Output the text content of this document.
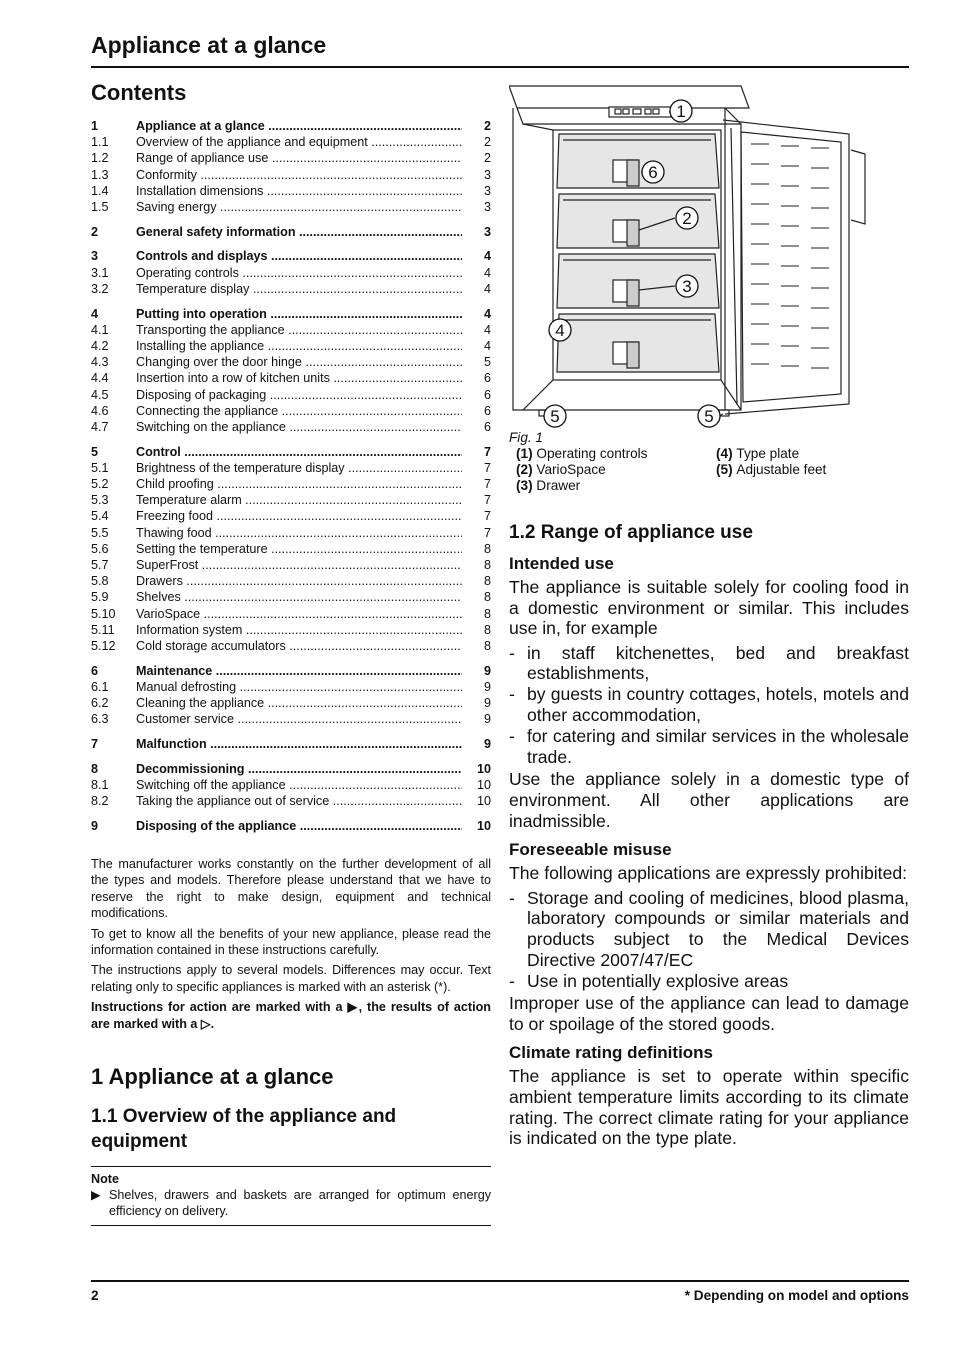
Appliance at a glance
Contents
1	Appliance at a glance .....	2
1.1	Overview of the appliance and equipment .....	2
1.2	Range of appliance use .....	2
1.3	Conformity .....	3
1.4	Installation dimensions .....	3
1.5	Saving energy .....	3
2	General safety information .....	3
3	Controls and displays .....	4
3.1	Operating controls .....	4
3.2	Temperature display .....	4
4	Putting into operation .....	4
4.1	Transporting the appliance .....	4
4.2	Installing the appliance .....	4
4.3	Changing over the door hinge .....	5
4.4	Insertion into a row of kitchen units .....	6
4.5	Disposing of packaging .....	6
4.6	Connecting the appliance .....	6
4.7	Switching on the appliance .....	6
5	Control .....	7
5.1	Brightness of the temperature display .....	7
5.2	Child proofing .....	7
5.3	Temperature alarm .....	7
5.4	Freezing food .....	7
5.5	Thawing food .....	7
5.6	Setting the temperature .....	8
5.7	SuperFrost .....	8
5.8	Drawers .....	8
5.9	Shelves .....	8
5.10	VarioSpace .....	8
5.11	Information system .....	8
5.12	Cold storage accumulators .....	8
6	Maintenance .....	9
6.1	Manual defrosting .....	9
6.2	Cleaning the appliance .....	9
6.3	Customer service .....	9
7	Malfunction .....	9
8	Decommissioning .....	10
8.1	Switching off the appliance .....	10
8.2	Taking the appliance out of service .....	10
9	Disposing of the appliance .....	10

The manufacturer works constantly on the further development of all the types and models. Therefore please understand that we have to reserve the right to make design, equipment and technical modifications.

To get to know all the benefits of your new appliance, please read the information contained in these instructions carefully.

The instructions apply to several models. Differences may occur. Text relating only to specific appliances is marked with an asterisk (*).

Instructions for action are marked with a ▶, the results of action are marked with a ▷.

1 Appliance at a glance
1.1 Overview of the appliance and equipment
Note
▶ Shelves, drawers and baskets are arranged for optimum energy efficiency on delivery.
1
6
2
3
4
5	5
Fig. 1
(1) Operating controls	(4) Type plate
(2) VarioSpace	(5) Adjustable feet
(3) Drawer
1.2 Range of appliance use
Intended use

The appliance is suitable solely for cooling food in a domestic environment or similar. This includes use in, for example

- in staff kitchenettes, bed and breakfast establishments,
- by guests in country cottages, hotels, motels and other accommodation,
- for catering and similar services in the wholesale trade.

Use the appliance solely in a domestic type of environment. All other applications are inadmissible.

Foreseeable misuse

The following applications are expressly prohibited:

- Storage and cooling of medicines, blood plasma, laboratory compounds or similar materials and products subject to the Medical Devices Directive 2007/47/EC
- Use in potentially explosive areas

Improper use of the appliance can lead to damage to or spoilage of the stored goods.

Climate rating definitions

The appliance is set to operate within specific ambient temperature limits according to its climate rating. The correct climate rating for your appliance is indicated on the type plate.

2	* Depending on model and options
